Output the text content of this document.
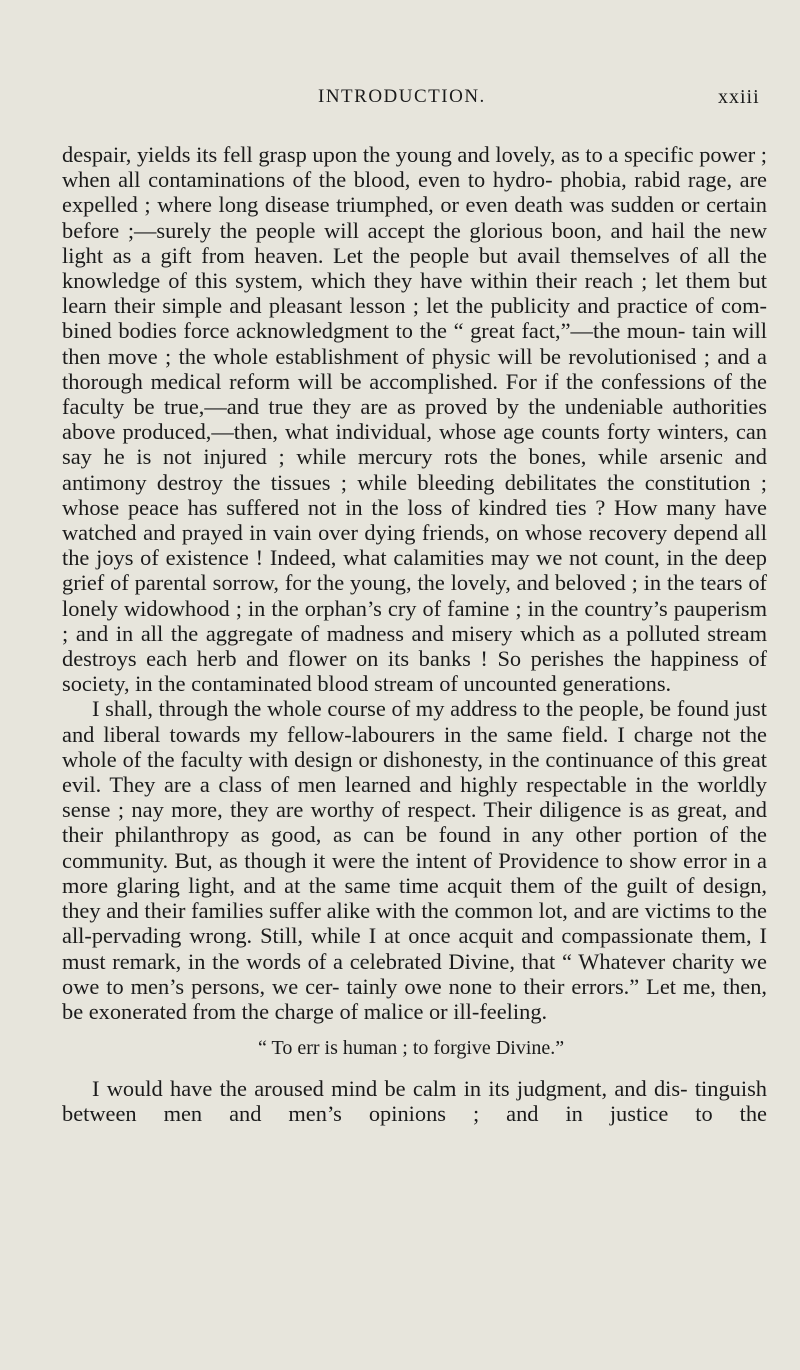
INTRODUCTION.	xxiii

despair, yields its fell grasp upon the young and lovely, as to a specific power ; when all contaminations of the blood, even to hydro- phobia, rabid rage, are expelled ; where long disease triumphed, or even death was sudden or certain before ;—surely the people will accept the glorious boon, and hail the new light as a gift from heaven. Let the people but avail themselves of all the knowledge of this system, which they have within their reach ; let them but learn their simple and pleasant lesson ; let the publicity and practice of com- bined bodies force acknowledgment to the “ great fact,”—the moun- tain will then move ; the whole establishment of physic will be revolutionised ; and a thorough medical reform will be accomplished. For if the confessions of the faculty be true,—and true they are as proved by the undeniable authorities above produced,—then, what individual, whose age counts forty winters, can say he is not injured ; while mercury rots the bones, while arsenic and antimony destroy the tissues ; while bleeding debilitates the constitution ; whose peace has suffered not in the loss of kindred ties ? How many have watched and prayed in vain over dying friends, on whose recovery depend all the joys of existence ! Indeed, what calamities may we not count, in the deep grief of parental sorrow, for the young, the lovely, and beloved ; in the tears of lonely widowhood ; in the orphan’s cry of famine ; in the country’s pauperism ; and in all the aggregate of madness and misery which as a polluted stream destroys each herb and flower on its banks ! So perishes the happiness of society, in the contaminated blood stream of uncounted generations.

I shall, through the whole course of my address to the people, be found just and liberal towards my fellow-labourers in the same field. I charge not the whole of the faculty with design or dishonesty, in the continuance of this great evil. They are a class of men learned and highly respectable in the worldly sense ; nay more, they are worthy of respect. Their diligence is as great, and their philanthropy as good, as can be found in any other portion of the community. But, as though it were the intent of Providence to show error in a more glaring light, and at the same time acquit them of the guilt of design, they and their families suffer alike with the common lot, and are victims to the all-pervading wrong. Still, while I at once acquit and compassionate them, I must remark, in the words of a celebrated Divine, that “ Whatever charity we owe to men’s persons, we cer- tainly owe none to their errors.” Let me, then, be exonerated from the charge of malice or ill-feeling.

“ To err is human ; to forgive Divine.”

I would have the aroused mind be calm in its judgment, and dis- tinguish between men and men’s opinions ; and in justice to the
